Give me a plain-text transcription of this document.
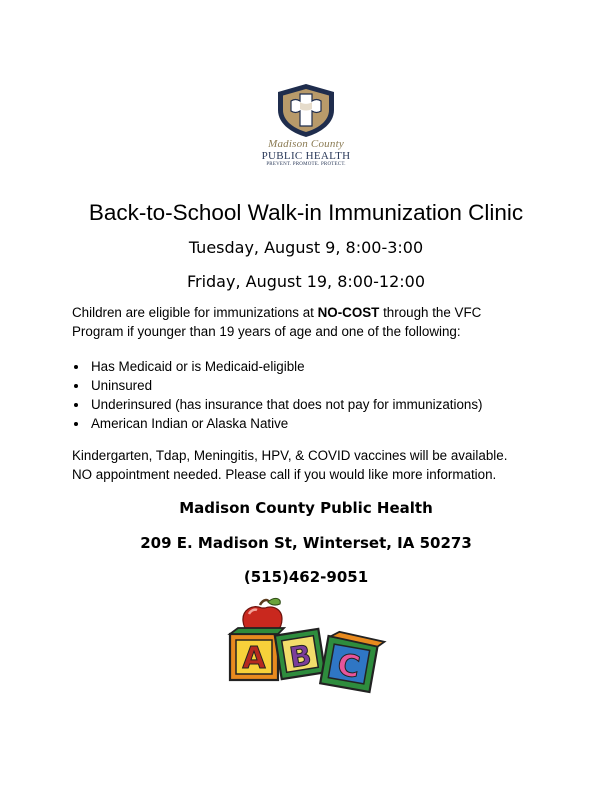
Madison County
PUBLIC HEALTH
PREVENT. PROMOTE. PROTECT.
Back-to-School Walk-in Immunization Clinic
Tuesday, August 9, 8:00-3:00
Friday, August 19, 8:00-12:00
Children are eligible for immunizations at NO-COST through the VFC
Program if younger than 19 years of age and one of the following:
Has Medicaid or is Medicaid-eligible
Uninsured
Underinsured (has insurance that does not pay for immunizations)
American Indian or Alaska Native
Kindergarten, Tdap, Meningitis, HPV, & COVID vaccines will be available.
NO appointment needed. Please call if you would like more information.
Madison County Public Health
209 E. Madison St, Winterset, IA 50273
(515)462-9051
A B C
